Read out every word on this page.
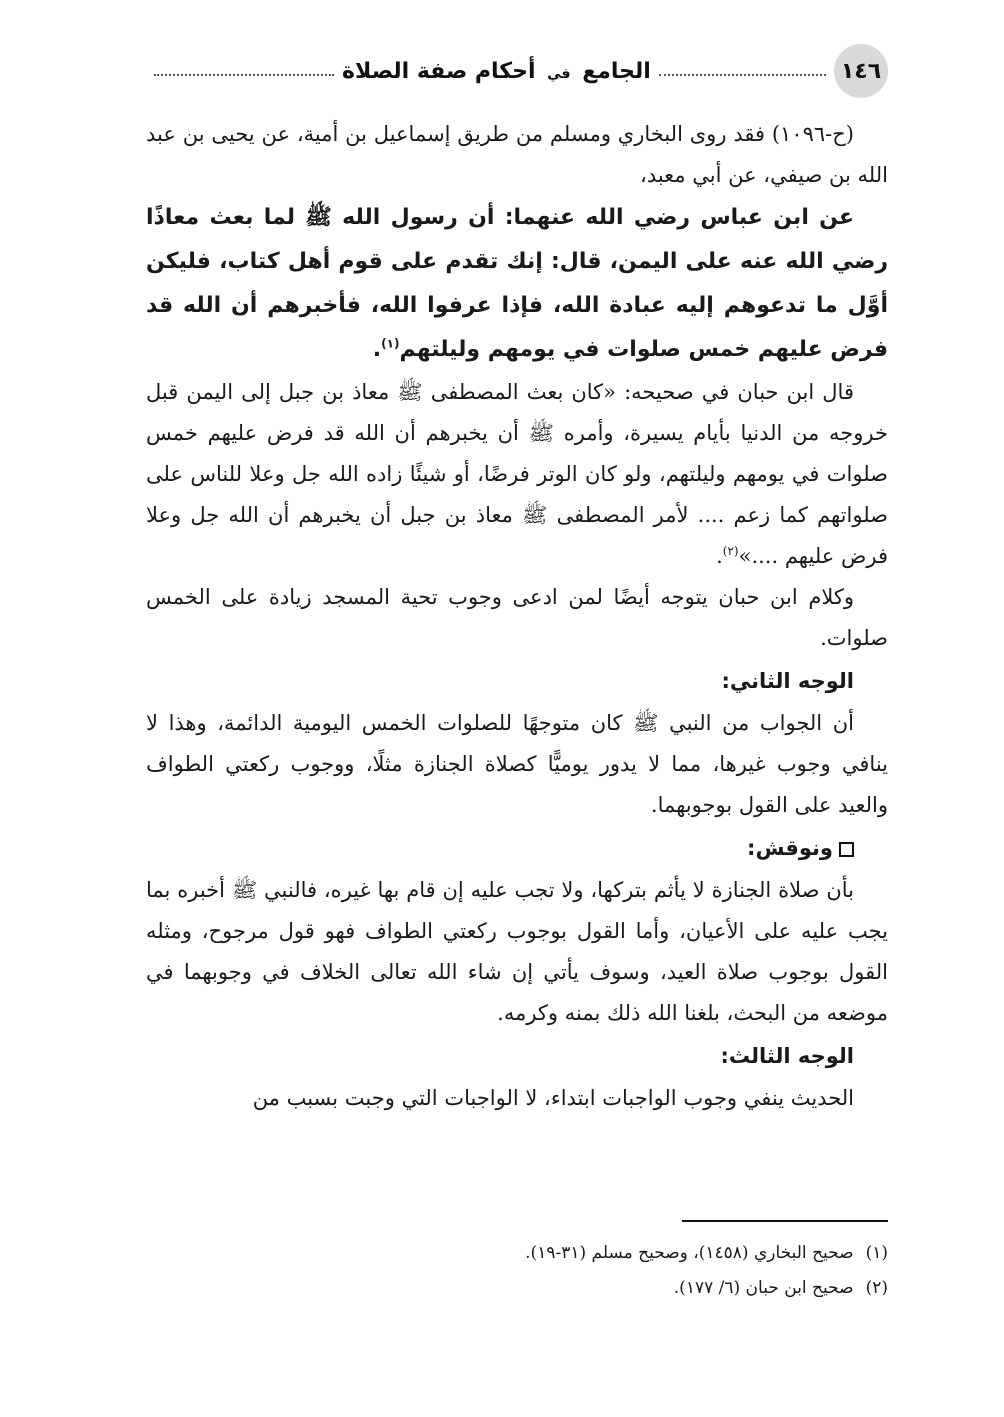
١٤٦
الجامع في أحكام صفة الصلاة

(ح-١٠٩٦) فقد روى البخاري ومسلم من طريق إسماعيل بن أمية، عن يحيى بن عبد الله بن صيفي، عن أبي معبد،

عن ابن عباس رضي الله عنهما: أن رسول الله ﷺ لما بعث معاذًا رضي الله عنه على اليمن، قال: إنك تقدم على قوم أهل كتاب، فليكن أوَّل ما تدعوهم إليه عبادة الله، فإذا عرفوا الله، فأخبرهم أن الله قد فرض عليهم خمس صلوات في يومهم وليلتهم$^{(١)}$.

قال ابن حبان في صحيحه: «كان بعث المصطفى ﷺ معاذ بن جبل إلى اليمن قبل خروجه من الدنيا بأيام يسيرة، وأمره ﷺ أن يخبرهم أن الله قد فرض عليهم خمس صلوات في يومهم وليلتهم، ولو كان الوتر فرضًا، أو شيئًا زاده الله جل وعلا للناس على صلواتهم كما زعم .... لأمر المصطفى ﷺ معاذ بن جبل أن يخبرهم أن الله جل وعلا فرض عليهم ....»$^{(٢)}$.

وكلام ابن حبان يتوجه أيضًا لمن ادعى وجوب تحية المسجد زيادة على الخمس صلوات.

الوجه الثاني:

أن الجواب من النبي ﷺ كان متوجهًا للصلوات الخمس اليومية الدائمة، وهذا لا ينافي وجوب غيرها، مما لا يدور يوميًّا كصلاة الجنازة مثلًا، ووجوب ركعتي الطواف والعيد على القول بوجوبهما.

ونوقش:

بأن صلاة الجنازة لا يأثم بتركها، ولا تجب عليه إن قام بها غيره، فالنبي ﷺ أخبره بما يجب عليه على الأعيان، وأما القول بوجوب ركعتي الطواف فهو قول مرجوح، ومثله القول بوجوب صلاة العيد، وسوف يأتي إن شاء الله تعالى الخلاف في وجوبهما في موضعه من البحث، بلغنا الله ذلك بمنه وكرمه.

الوجه الثالث:

الحديث ينفي وجوب الواجبات ابتداء، لا الواجبات التي وجبت بسبب من

(١)
صحيح البخاري (١٤٥٨)، وصحيح مسلم (٣١-١٩).
(٢)
صحيح ابن حبان (٦/ ١٧٧).
